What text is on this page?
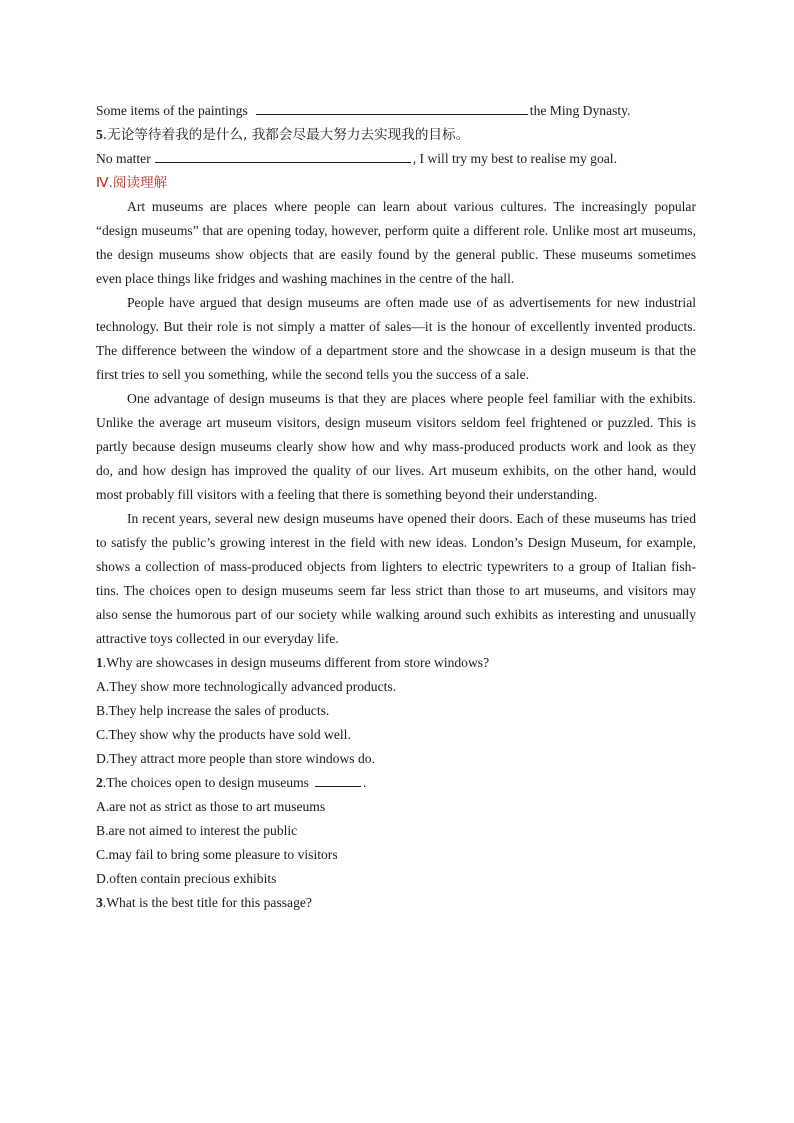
Some items of the paintings	the Ming Dynasty.
5.无论等待着我的是什么, 我都会尽最大努力去实现我的目标。
No matter	, I will try my best to realise my goal.
Ⅳ.阅读理解

Art museums are places where people can learn about various cultures. The increasingly popular “design museums” that are opening today, however, perform quite a different role. Unlike most art museums, the design museums show objects that are easily found by the general public. These museums sometimes even place things like fridges and washing machines in the centre of the hall.

People have argued that design museums are often made use of as advertisements for new industrial technology. But their role is not simply a matter of sales—it is the honour of excellently invented products. The difference between the window of a department store and the showcase in a design museum is that the first tries to sell you something, while the second tells you the success of a sale.

One advantage of design museums is that they are places where people feel familiar with the exhibits. Unlike the average art museum visitors, design museum visitors seldom feel frightened or puzzled. This is partly because design museums clearly show how and why mass-produced products work and look as they do, and how design has improved the quality of our lives. Art museum exhibits, on the other hand, would most probably fill visitors with a feeling that there is something beyond their understanding.

In recent years, several new design museums have opened their doors. Each of these museums has tried to satisfy the public’s growing interest in the field with new ideas. London’s Design Museum, for example, shows a collection of mass-produced objects from lighters to electric typewriters to a group of Italian fish-tins. The choices open to design museums seem far less strict than those to art museums, and visitors may also sense the humorous part of our society while walking around such exhibits as interesting and unusually attractive toys collected in our everyday life.

1.Why are showcases in design museums different from store windows?
A.They show more technologically advanced products.
B.They help increase the sales of products.
C.They show why the products have sold well.
D.They attract more people than store windows do.
2.The choices open to design museums	.
A.are not as strict as those to art museums
B.are not aimed to interest the public
C.may fail to bring some pleasure to visitors
D.often contain precious exhibits
3.What is the best title for this passage?
